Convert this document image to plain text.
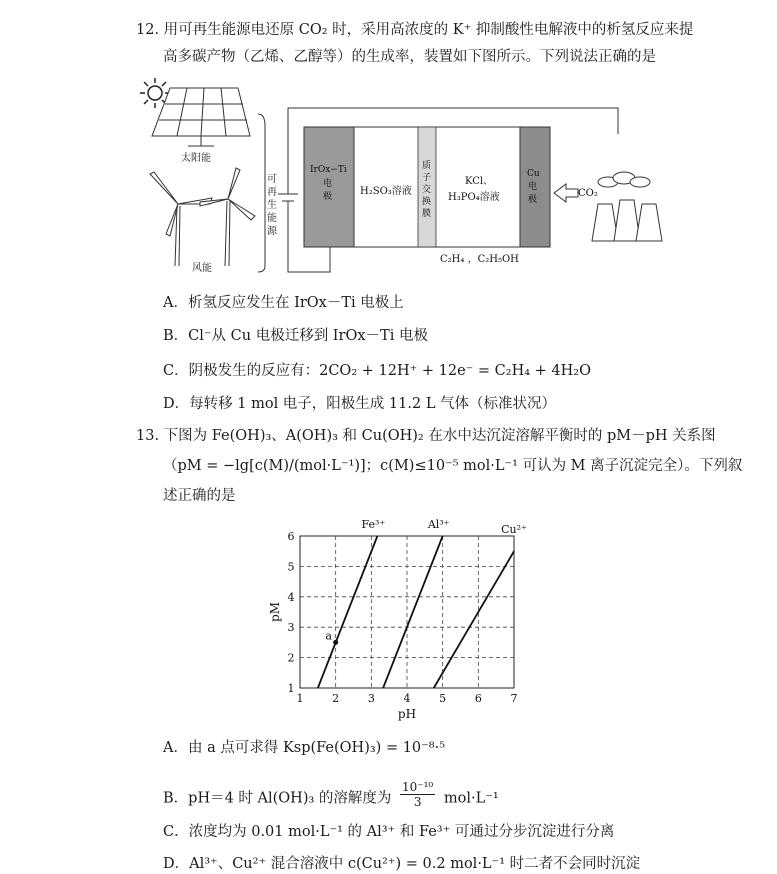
12. 用可再生能源电还原 CO₂ 时，采用高浓度的 K⁺ 抑制酸性电解液中的析氢反应来提
高多碳产物（乙烯、乙醇等）的生成率，装置如下图所示。下列说法正确的是
太阳能
风能
可
再
生
能
源
IrOx−Ti
电
极	H₂SO₃溶液
质
子
交
换
膜
KCl、
H₃PO₄溶液
Cu
电
极
CO₂
C₂H₄ ，C₂H₅OH
A．析氢反应发生在 IrOx－Ti 电极上
B．Cl⁻从 Cu 电极迁移到 IrOx－Ti 电极
C．阴极发生的反应有：2CO₂ + 12H⁺ + 12e⁻ = C₂H₄ + 4H₂O
D．每转移 1 mol 电子，阳极生成 11.2 L 气体（标准状况）
13. 下图为 Fe(OH)₃、A(OH)₃ 和 Cu(OH)₂ 在水中达沉淀溶解平衡时的 pM－pH 关系图
（pM = −lg[c(M)/(mol·L⁻¹)]；c(M)≤10⁻⁵ mol·L⁻¹ 可认为 M 离子沉淀完全）。下列叙
述正确的是
1	2	3	4	5	6	7
1
2
3
4
5
6
pH
pM
Fe³⁺	Al³⁺	Cu²⁺
a
A．由 a 点可求得 Ksp(Fe(OH)₃) = 10⁻⁸·⁵
B．pH＝4 时 Al(OH)₃ 的溶解度为 $\frac{\text{10⁻¹⁰}}{3} mol\cdot L^{-1}$
C．浓度均为 0.01 mol·L⁻¹ 的 Al³⁺ 和 Fe³⁺ 可通过分步沉淀进行分离
D．Al³⁺、Cu²⁺ 混合溶液中 c(Cu²⁺) = 0.2 mol·L⁻¹ 时二者不会同时沉淀
